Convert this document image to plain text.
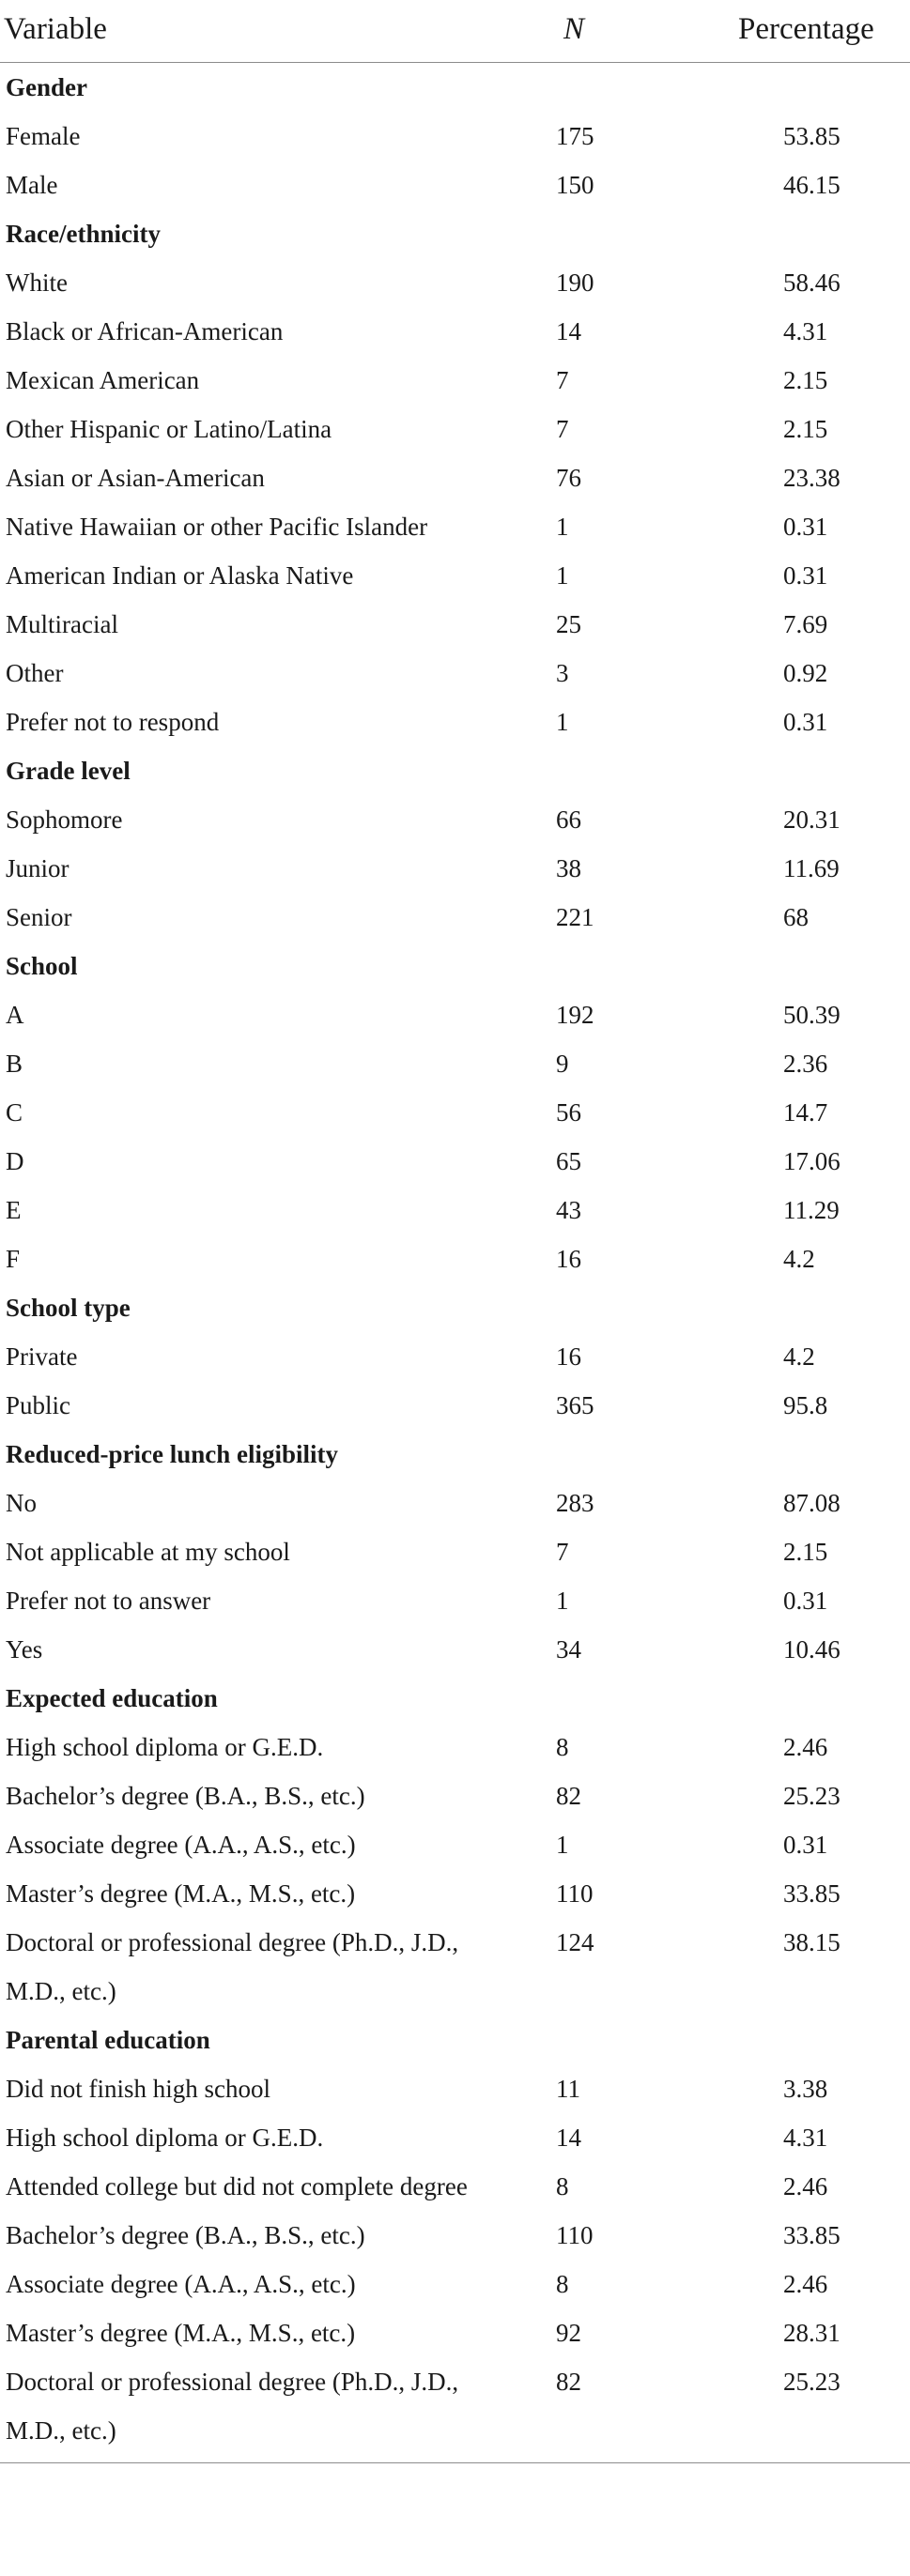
Variable	N	Percentage
Gender		
Female	175	53.85
Male	150	46.15
Race/ethnicity		
White	190	58.46
Black or African-American	14	4.31
Mexican American	7	2.15
Other Hispanic or Latino/Latina	7	2.15
Asian or Asian-American	76	23.38
Native Hawaiian or other Pacific Islander	1	0.31
American Indian or Alaska Native	1	0.31
Multiracial	25	7.69
Other	3	0.92
Prefer not to respond	1	0.31
Grade level		
Sophomore	66	20.31
Junior	38	11.69
Senior	221	68
School		
A	192	50.39
B	9	2.36
C	56	14.7
D	65	17.06
E	43	11.29
F	16	4.2
School type		
Private	16	4.2
Public	365	95.8
Reduced-price lunch eligibility		
No	283	87.08
Not applicable at my school	7	2.15
Prefer not to answer	1	0.31
Yes	34	10.46
Expected education		
High school diploma or G.E.D.	8	2.46
Bachelor’s degree (B.A., B.S., etc.)	82	25.23
Associate degree (A.A., A.S., etc.)	1	0.31
Master’s degree (M.A., M.S., etc.)	110	33.85
Doctoral or professional degree (Ph.D., J.D., M.D., etc.)	124	38.15
Parental education		
Did not finish high school	11	3.38
High school diploma or G.E.D.	14	4.31
Attended college but did not complete degree	8	2.46
Bachelor’s degree (B.A., B.S., etc.)	110	33.85
Associate degree (A.A., A.S., etc.)	8	2.46
Master’s degree (M.A., M.S., etc.)	92	28.31
Doctoral or professional degree (Ph.D., J.D., M.D., etc.)	82	25.23
